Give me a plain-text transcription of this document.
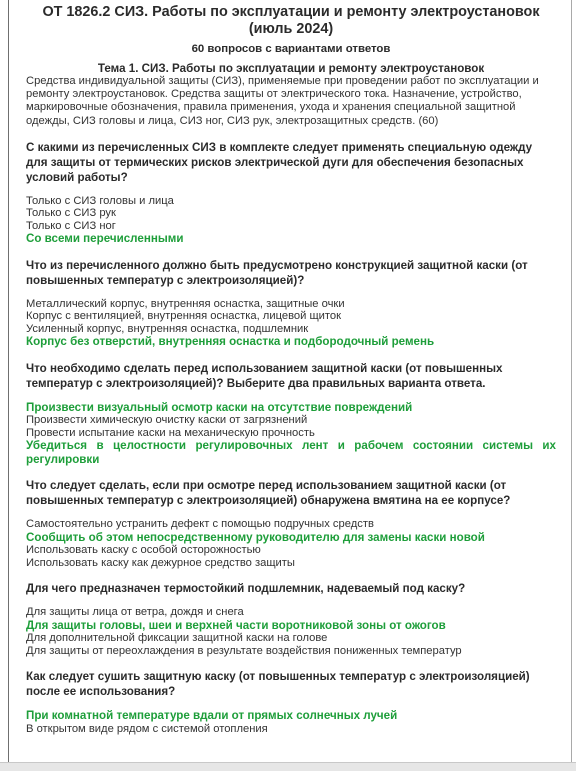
ОТ 1826.2 СИЗ. Работы по эксплуатации и ремонту электроустановок (июль 2024)
60 вопросов с вариантами ответов
Тема 1. СИЗ. Работы по эксплуатации и ремонту электроустановок
Средства индивидуальной защиты (СИЗ), применяемые при проведении работ по эксплуатации и ремонту электроустановок. Средства защиты от электрического тока. Назначение, устройство, маркировочные обозначения, правила применения, ухода и хранения специальной защитной одежды, СИЗ головы и лица, СИЗ ног, СИЗ рук, электрозащитных средств. (60)
С какими из перечисленных СИЗ в комплекте следует применять специальную одежду для защиты от термических рисков электрической дуги для обеспечения безопасных условий работы?
Только с СИЗ головы и лица
Только с СИЗ рук
Только с СИЗ ног
Со всеми перечисленными
Что из перечисленного должно быть предусмотрено конструкцией защитной каски (от повышенных температур с электроизоляцией)?
Металлический корпус, внутренняя оснастка, защитные очки
Корпус с вентиляцией, внутренняя оснастка, лицевой щиток
Усиленный корпус, внутренняя оснастка, подшлемник
Корпус без отверстий, внутренняя оснастка и подбородочный ремень
Что необходимо сделать перед использованием защитной каски (от повышенных температур с электроизоляцией)? Выберите два правильных варианта ответа.
Произвести визуальный осмотр каски на отсутствие повреждений
Произвести химическую очистку каски от загрязнений
Провести испытание каски на механическую прочность
Убедиться в целостности регулировочных лент и рабочем состоянии системы их регулировки
Что следует сделать, если при осмотре перед использованием защитной каски (от повышенных температур с электроизоляцией) обнаружена вмятина на ее корпусе?
Самостоятельно устранить дефект с помощью подручных средств
Сообщить об этом непосредственному руководителю для замены каски новой
Использовать каску с особой осторожностью
Использовать каску как дежурное средство защиты
Для чего предназначен термостойкий подшлемник, надеваемый под каску?
Для защиты лица от ветра, дождя и снега
Для защиты головы, шеи и верхней части воротниковой зоны от ожогов
Для дополнительной фиксации защитной каски на голове
Для защиты от переохлаждения в результате воздействия пониженных температур
Как следует сушить защитную каску (от повышенных температур с электроизоляцией) после ее использования?
При комнатной температуре вдали от прямых солнечных лучей
В открытом виде рядом с системой отопления
